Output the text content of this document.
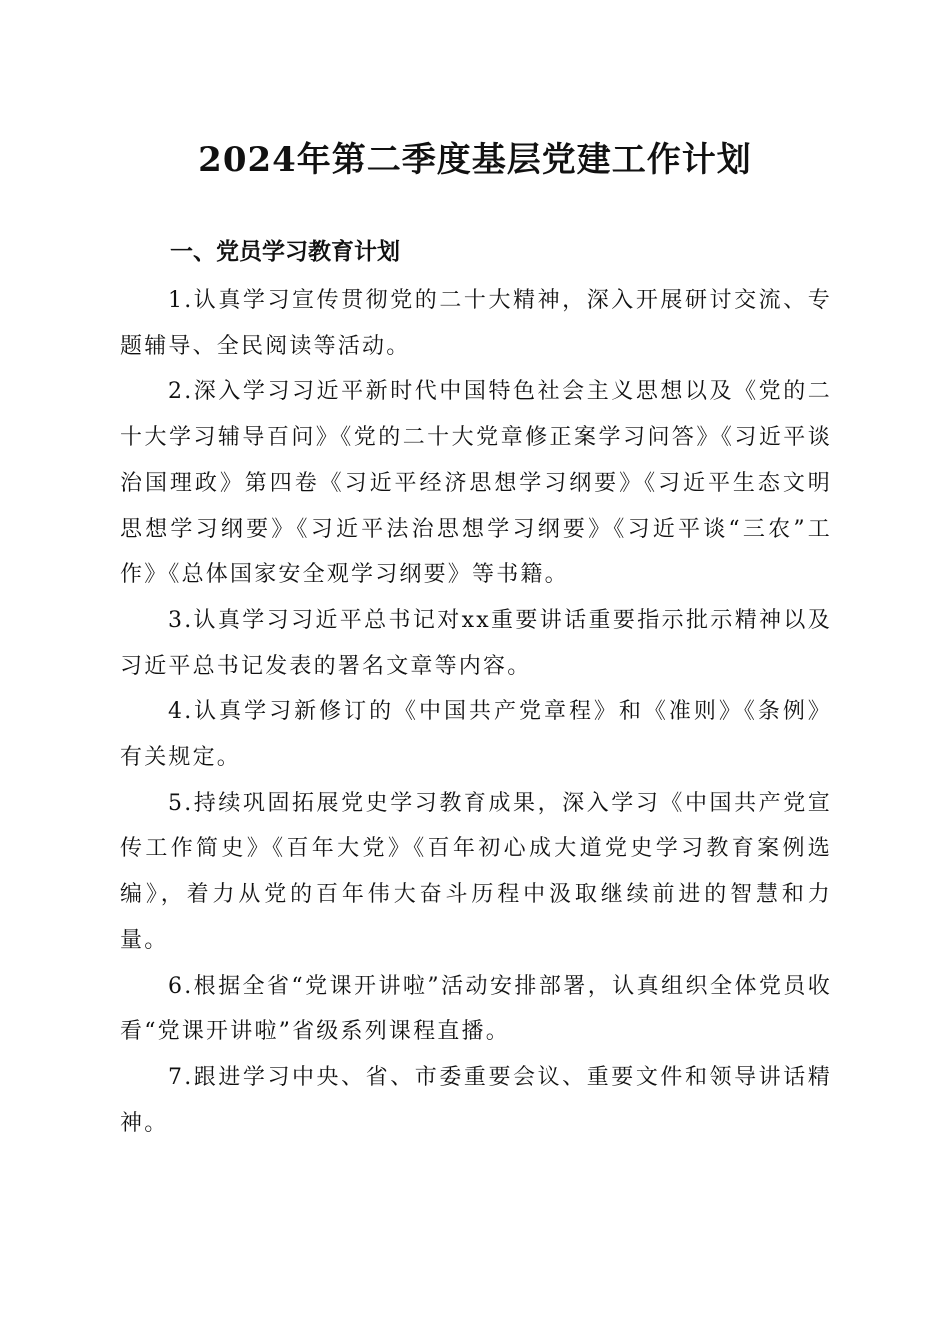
2024年第二季度基层党建工作计划
一、党员学习教育计划

1.认真学习宣传贯彻党的二十大精神，深入开展研讨交流、专题辅导、全民阅读等活动。

2.深入学习习近平新时代中国特色社会主义思想以及《党的二十大学习辅导百问》《党的二十大党章修正案学习问答》《习近平谈治国理政》第四卷《习近平经济思想学习纲要》《习近平生态文明思想学习纲要》《习近平法治思想学习纲要》《习近平谈“三农”工作》《总体国家安全观学习纲要》等书籍。

3.认真学习习近平总书记对xx重要讲话重要指示批示精神以及习近平总书记发表的署名文章等内容。

4.认真学习新修订的《中国共产党章程》和《准则》《条例》有关规定。

5.持续巩固拓展党史学习教育成果，深入学习《中国共产党宣传工作简史》《百年大党》《百年初心成大道党史学习教育案例选编》，着力从党的百年伟大奋斗历程中汲取继续前进的智慧和力量。

6.根据全省“党课开讲啦”活动安排部署，认真组织全体党员收看“党课开讲啦”省级系列课程直播。

7.跟进学习中央、省、市委重要会议、重要文件和领导讲话精神。
